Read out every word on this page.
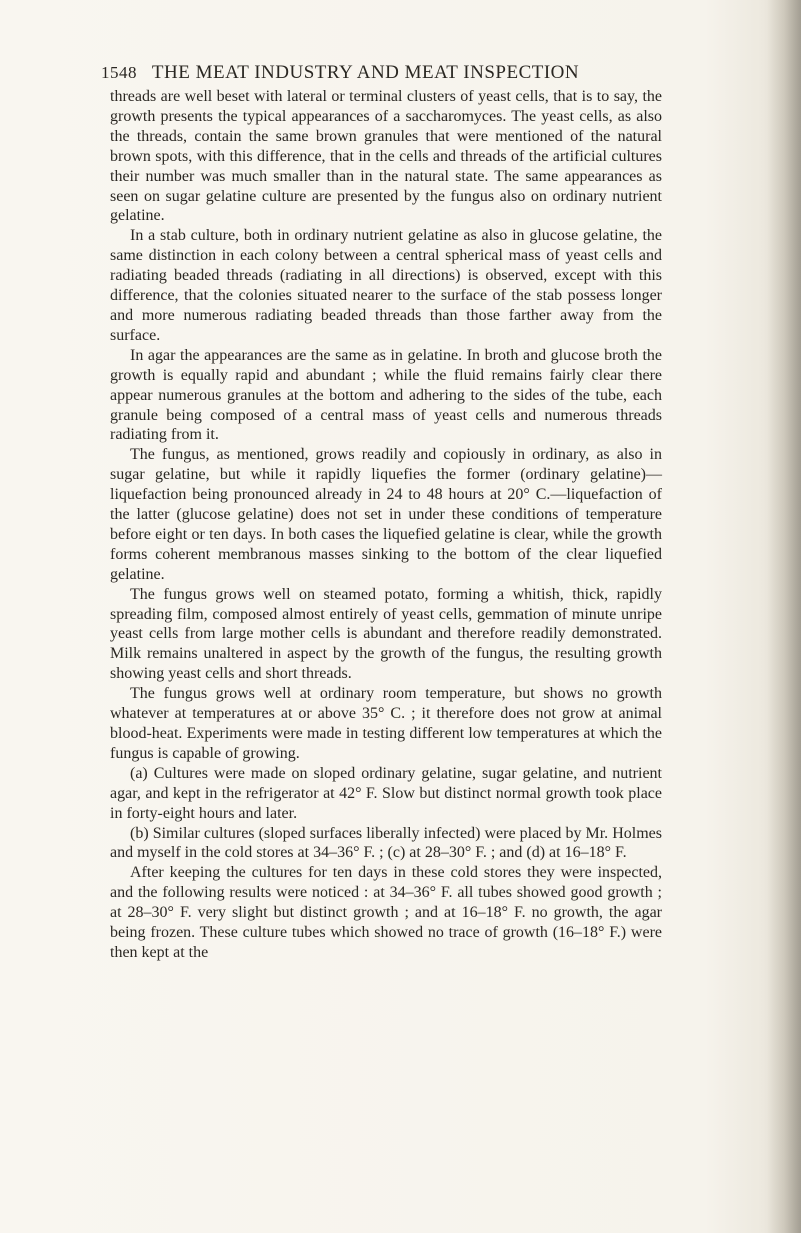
1548 THE MEAT INDUSTRY AND MEAT INSPECTION

threads are well beset with lateral or terminal clusters of yeast cells, that is to say, the growth presents the typical appearances of a saccharomyces. The yeast cells, as also the threads, contain the same brown granules that were mentioned of the natural brown spots, with this difference, that in the cells and threads of the artificial cultures their number was much smaller than in the natural state. The same appearances as seen on sugar gelatine culture are presented by the fungus also on ordinary nutrient gelatine.

In a stab culture, both in ordinary nutrient gelatine as also in glucose gelatine, the same distinction in each colony between a central spherical mass of yeast cells and radiating beaded threads (radiating in all directions) is observed, except with this difference, that the colonies situated nearer to the surface of the stab possess longer and more numerous radiating beaded threads than those farther away from the surface.

In agar the appearances are the same as in gelatine. In broth and glucose broth the growth is equally rapid and abundant ; while the fluid remains fairly clear there appear numerous granules at the bottom and adhering to the sides of the tube, each granule being composed of a central mass of yeast cells and numerous threads radiating from it.

The fungus, as mentioned, grows readily and copiously in ordinary, as also in sugar gelatine, but while it rapidly liquefies the former (ordinary gelatine)—liquefaction being pronounced already in 24 to 48 hours at 20° C.—liquefaction of the latter (glucose gelatine) does not set in under these conditions of temperature before eight or ten days. In both cases the liquefied gelatine is clear, while the growth forms coherent membranous masses sinking to the bottom of the clear liquefied gelatine.

The fungus grows well on steamed potato, forming a whitish, thick, rapidly spreading film, composed almost entirely of yeast cells, gemmation of minute unripe yeast cells from large mother cells is abundant and therefore readily demonstrated. Milk remains unaltered in aspect by the growth of the fungus, the resulting growth showing yeast cells and short threads.

The fungus grows well at ordinary room temperature, but shows no growth whatever at temperatures at or above 35° C. ; it therefore does not grow at animal blood-heat. Experiments were made in testing different low temperatures at which the fungus is capable of growing.

(a) Cultures were made on sloped ordinary gelatine, sugar gelatine, and nutrient agar, and kept in the refrigerator at 42° F. Slow but distinct normal growth took place in forty-eight hours and later.

(b) Similar cultures (sloped surfaces liberally infected) were placed by Mr. Holmes and myself in the cold stores at 34–36° F. ; (c) at 28–30° F. ; and (d) at 16–18° F.

After keeping the cultures for ten days in these cold stores they were inspected, and the following results were noticed : at 34–36° F. all tubes showed good growth ; at 28–30° F. very slight but distinct growth ; and at 16–18° F. no growth, the agar being frozen. These culture tubes which showed no trace of growth (16–18° F.) were then kept at the
